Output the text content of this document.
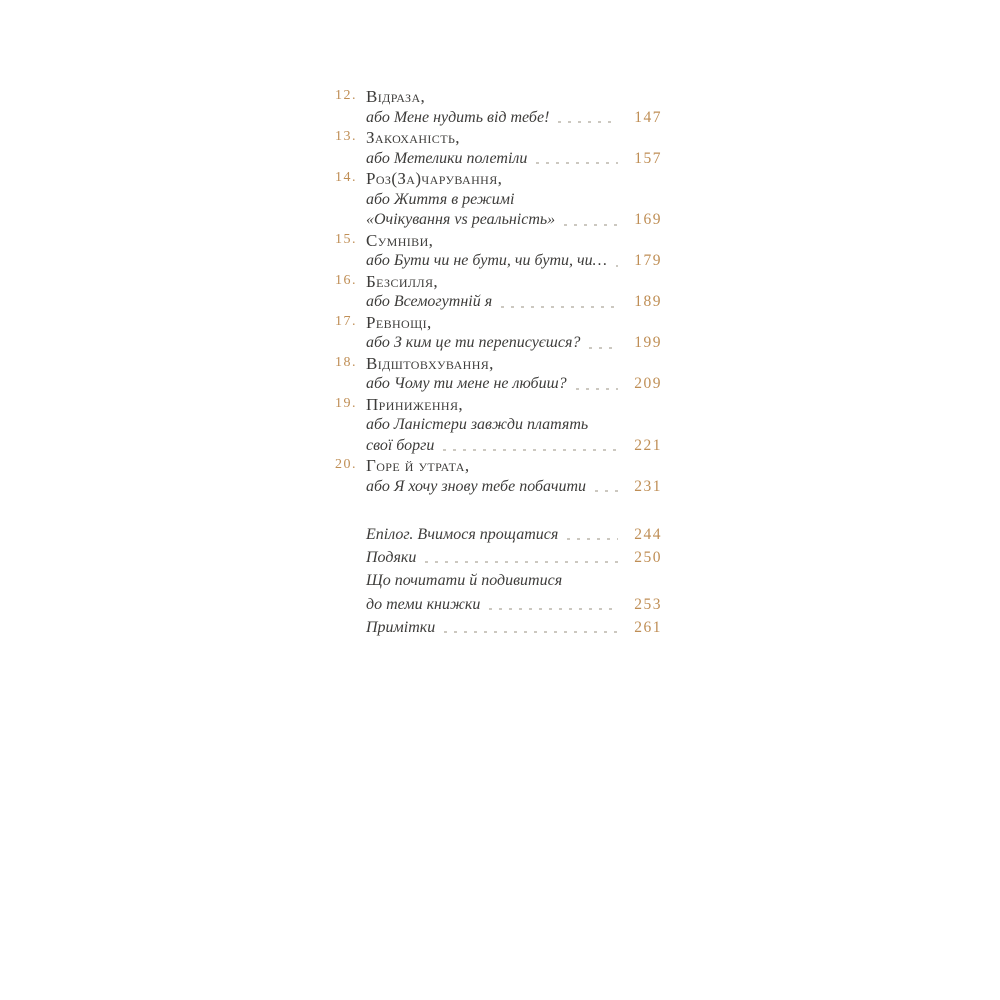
12. Відраза,
або Мене нудить від тебе!	147
13. Закоханість,
або Метелики полетіли	157
14. Роз(За)чарування,
або Життя в режимі
«Очікування vs реальність»	169
15. Сумніви,
або Бути чи не бути, чи бути, чи…	179
16. Безсилля,
або Всемогутній я	189
17. Ревнощі,
або З ким це ти переписуєшся?	199
18. Відштовхування,
або Чому ти мене не любиш?	209
19. Приниження,
або Ланістери завжди платять
свої борги	221
20. Горе й утрата,
або Я хочу знову тебе побачити	231
Епілог. Вчимося прощатися	244
Подяки	250
Що почитати й подивитися
до теми книжки	253
Примітки	261
